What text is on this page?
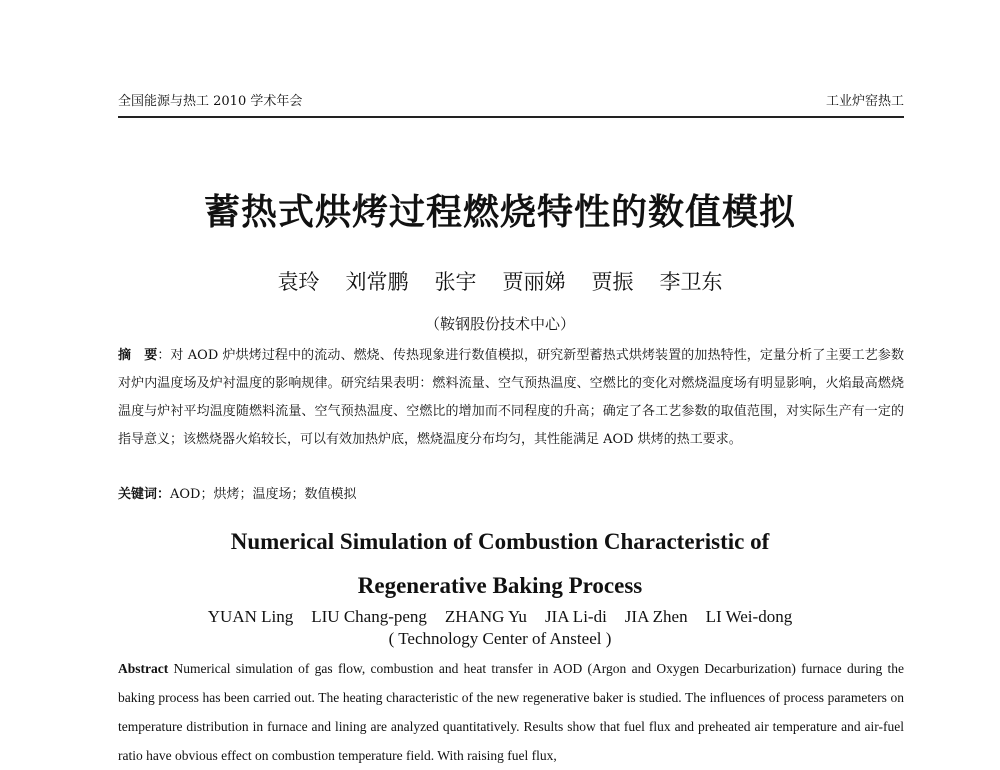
全国能源与热工 2010 学术年会	工业炉窑热工
蓄热式烘烤过程燃烧特性的数值模拟
袁玲 刘常鹏 张宇 贾丽娣 贾振 李卫东
（鞍钢股份技术中心）
摘　要：对 AOD 炉烘烤过程中的流动、燃烧、传热现象进行数值模拟，研究新型蓄热式烘烤装置的加热特性，定量分析了主要工艺参数对炉内温度场及炉衬温度的影响规律。研究结果表明：燃料流量、空气预热温度、空燃比的变化对燃烧温度场有明显影响，火焰最高燃烧温度与炉衬平均温度随燃料流量、空气预热温度、空燃比的增加而不同程度的升高；确定了各工艺参数的取值范围，对实际生产有一定的指导意义；该燃烧器火焰较长，可以有效加热炉底，燃烧温度分布均匀，其性能满足 AOD 烘烤的热工要求。
关键词：AOD；烘烤；温度场；数值模拟
Numerical Simulation of Combustion Characteristic of
Regenerative Baking Process
YUAN Ling LIU Chang-peng ZHANG Yu JIA Li-di JIA Zhen LI Wei-dong
( Technology Center of Ansteel )
Abstract Numerical simulation of gas flow, combustion and heat transfer in AOD (Argon and Oxygen Decarburization) furnace during the baking process has been carried out. The heating characteristic of the new regenerative baker is studied. The influences of process parameters on temperature distribution in furnace and lining are analyzed quantitatively. Results show that fuel flux and preheated air temperature and air-fuel ratio have obvious effect on combustion temperature field. With raising fuel flux,
